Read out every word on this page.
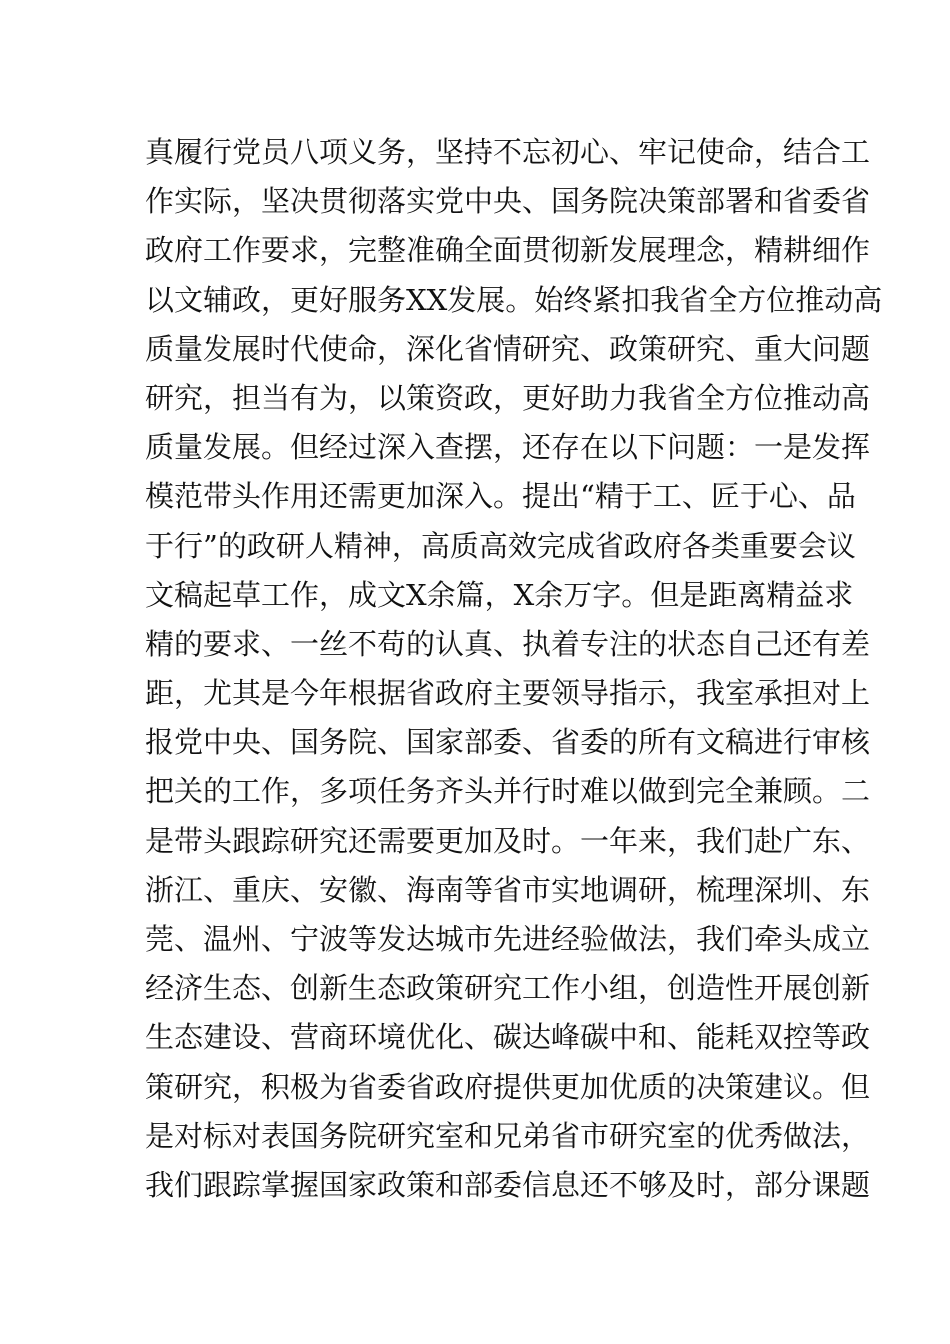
真履行党员八项义务，坚持不忘初心、牢记使命，结合工
作实际，坚决贯彻落实党中央、国务院决策部署和省委省
政府工作要求，完整准确全面贯彻新发展理念，精耕细作
以文辅政，更好服务XX发展。始终紧扣我省全方位推动高
质量发展时代使命，深化省情研究、政策研究、重大问题
研究，担当有为，以策资政，更好助力我省全方位推动高
质量发展。但经过深入查摆，还存在以下问题：一是发挥
模范带头作用还需更加深入。提出“精于工、匠于心、品
于行”的政研人精神，高质高效完成省政府各类重要会议
文稿起草工作，成文X余篇，X余万字。但是距离精益求
精的要求、一丝不苟的认真、执着专注的状态自己还有差
距，尤其是今年根据省政府主要领导指示，我室承担对上
报党中央、国务院、国家部委、省委的所有文稿进行审核
把关的工作，多项任务齐头并行时难以做到完全兼顾。二
是带头跟踪研究还需要更加及时。一年来，我们赴广东、
浙江、重庆、安徽、海南等省市实地调研，梳理深圳、东
莞、温州、宁波等发达城市先进经验做法，我们牵头成立
经济生态、创新生态政策研究工作小组，创造性开展创新
生态建设、营商环境优化、碳达峰碳中和、能耗双控等政
策研究，积极为省委省政府提供更加优质的决策建议。但
是对标对表国务院研究室和兄弟省市研究室的优秀做法，
我们跟踪掌握国家政策和部委信息还不够及时，部分课题
